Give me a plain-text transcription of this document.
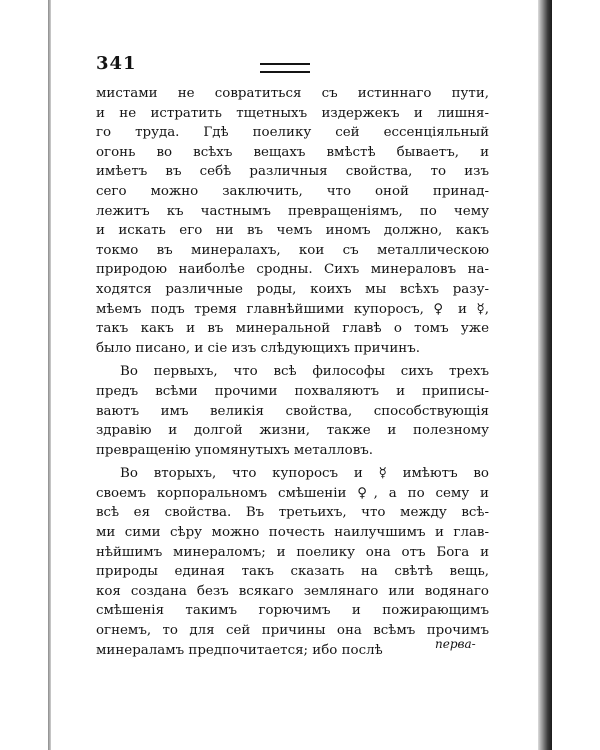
341

мистами не совратиться съ истиннаго пути,
и не истратить тщетныхъ издержекъ и лишня-
го труда. Гдѣ поелику сей ессенціяльный
огонь во всѣхъ вещахъ вмѣстѣ бываетъ, и
имѣетъ въ себѣ различныя свойства, то изъ
сего можно заключить, что оной принад-
лежитъ къ частнымъ превращеніямъ, по чему
и искать его ни въ чемъ иномъ должно, какъ
токмо въ минералахъ, кои съ металлическою
природою наиболѣе сродны. Сихъ минераловъ на-
ходятся различные роды, коихъ мы всѣхъ разу-
мѣемъ подъ тремя главнѣйшими купоросъ, ♀ и ☿,
такъ какъ и въ минеральной главѣ о томъ уже
было писано, и сіе изъ слѣдующихъ причинъ.

Во первыхъ, что всѣ философы сихъ трехъ
предъ всѣми прочими похваляютъ и приписы-
ваютъ имъ великія свойства, способствующія
здравію и долгой жизни, также и полезному
превращенію упомянутыхъ металловъ.

Во вторыхъ, что купоросъ и ☿ имѣютъ во
своемъ корпоральномъ смѣшеніи ♀, а по сему и
всѣ ея свойства. Въ третьихъ, что между всѣ-
ми сими сѣру можно почесть наилучшимъ и глав-
нѣйшимъ минераломъ; и поелику она отъ Бога и
природы единая такъ сказать на свѣтѣ вещь,
коя создана безъ всякаго землянаго или водянаго
смѣшенія такимъ горючимъ и пожирающимъ
огнемъ, то для сей причины она всѣмъ прочимъ
минераламъ предпочитается; ибо послѣ	перва-
